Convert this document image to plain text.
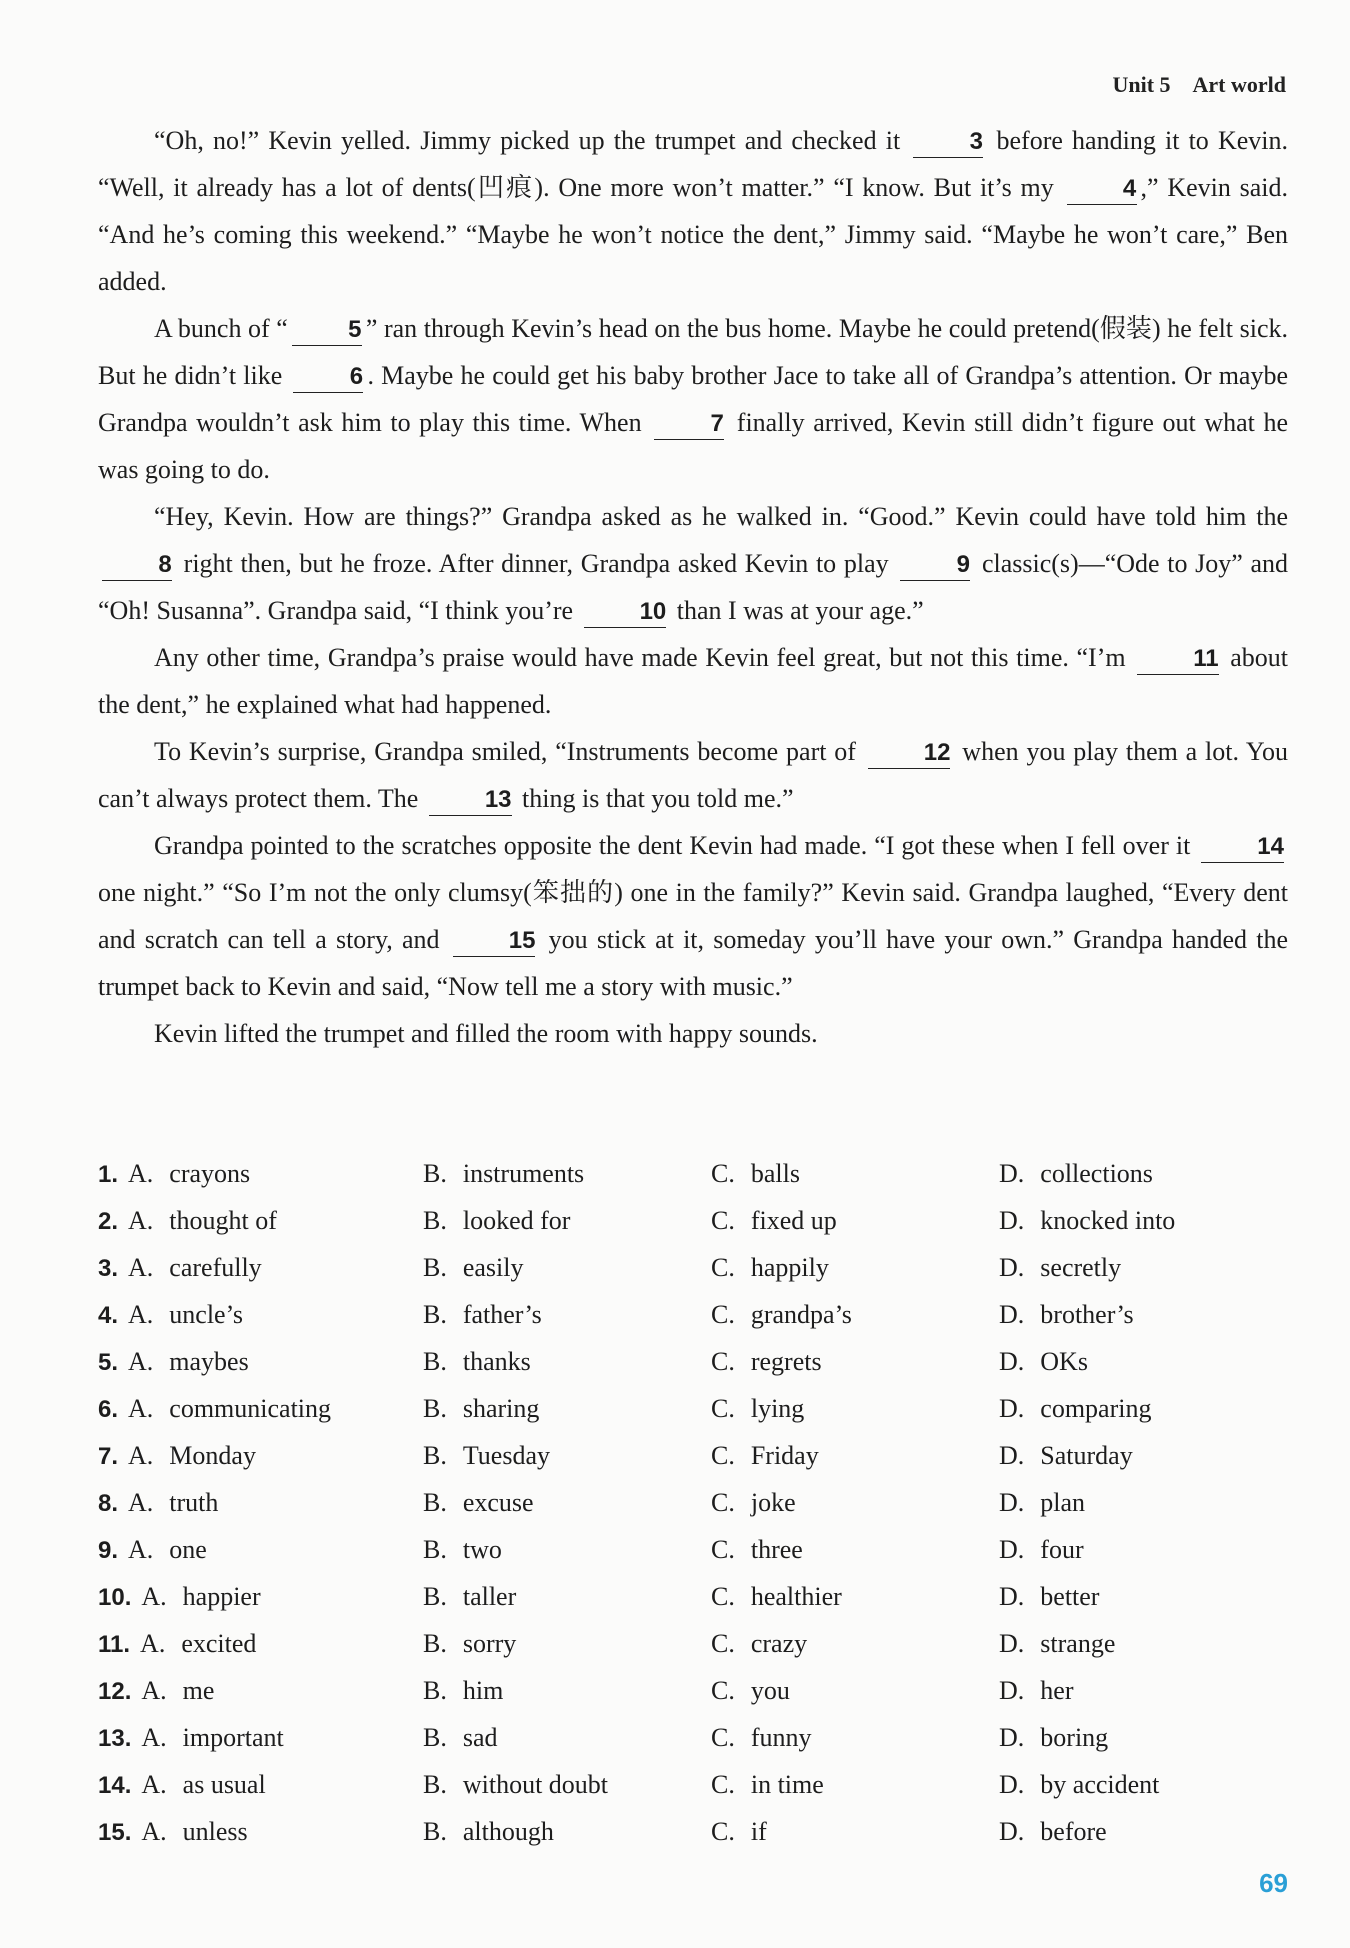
Unit 5 Art world

“Oh, no!” Kevin yelled. Jimmy picked up the trumpet and checked it	3 before handing it to Kevin. “Well, it already has a lot of dents(凹痕). One more won’t matter.” “I know. But it’s my	4 ,” Kevin said. “And he’s coming this weekend.” “Maybe he won’t notice the dent,” Jimmy said. “Maybe he won’t care,” Ben added.

A bunch of “	5 ” ran through Kevin’s head on the bus home. Maybe he could pretend(假装) he felt sick. But he didn’t like	6 . Maybe he could get his baby brother Jace to take all of Grandpa’s attention. Or maybe Grandpa wouldn’t ask him to play this time. When	7 finally arrived, Kevin still didn’t figure out what he was going to do.

“Hey, Kevin. How are things?” Grandpa asked as he walked in. “Good.” Kevin could have told him the 8 right then, but he froze. After dinner, Grandpa asked Kevin to play	9 classic(s)—“Ode to Joy” and “Oh! Susanna”. Grandpa said, “I think you’re	10 than I was at your age.”

Any other time, Grandpa’s praise would have made Kevin feel great, but not this time. “I’m	11 about the dent,” he explained what had happened.

To Kevin’s surprise, Grandpa smiled, “Instruments become part of	12 when you play them a lot. You can’t always protect them. The	13 thing is that you told me.”

Grandpa pointed to the scratches opposite the dent Kevin had made. “I got these when I fell over it	14 one night.” “So I’m not the only clumsy(笨拙的) one in the family?” Kevin said. Grandpa laughed, “Every dent and scratch can tell a story, and	15 you stick at it, someday you’ll have your own.” Grandpa handed the trumpet back to Kevin and said, “Now tell me a story with music.”

Kevin lifted the trumpet and filled the room with happy sounds.

1. A. crayons	B. instruments	C. balls	D. collections
2. A. thought of	B. looked for	C. fixed up	D. knocked into
3. A. carefully	B. easily	C. happily	D. secretly
4. A. uncle’s	B. father’s	C. grandpa’s	D. brother’s
5. A. maybes	B. thanks	C. regrets	D. OKs
6. A. communicating	B. sharing	C. lying	D. comparing
7. A. Monday	B. Tuesday	C. Friday	D. Saturday
8. A. truth	B. excuse	C. joke	D. plan
9. A. one	B. two	C. three	D. four
10. A. happier	B. taller	C. healthier	D. better
11. A. excited	B. sorry	C. crazy	D. strange
12. A. me	B. him	C. you	D. her
13. A. important	B. sad	C. funny	D. boring
14. A. as usual	B. without doubt	C. in time	D. by accident
15. A. unless	B. although	C. if	D. before
69
